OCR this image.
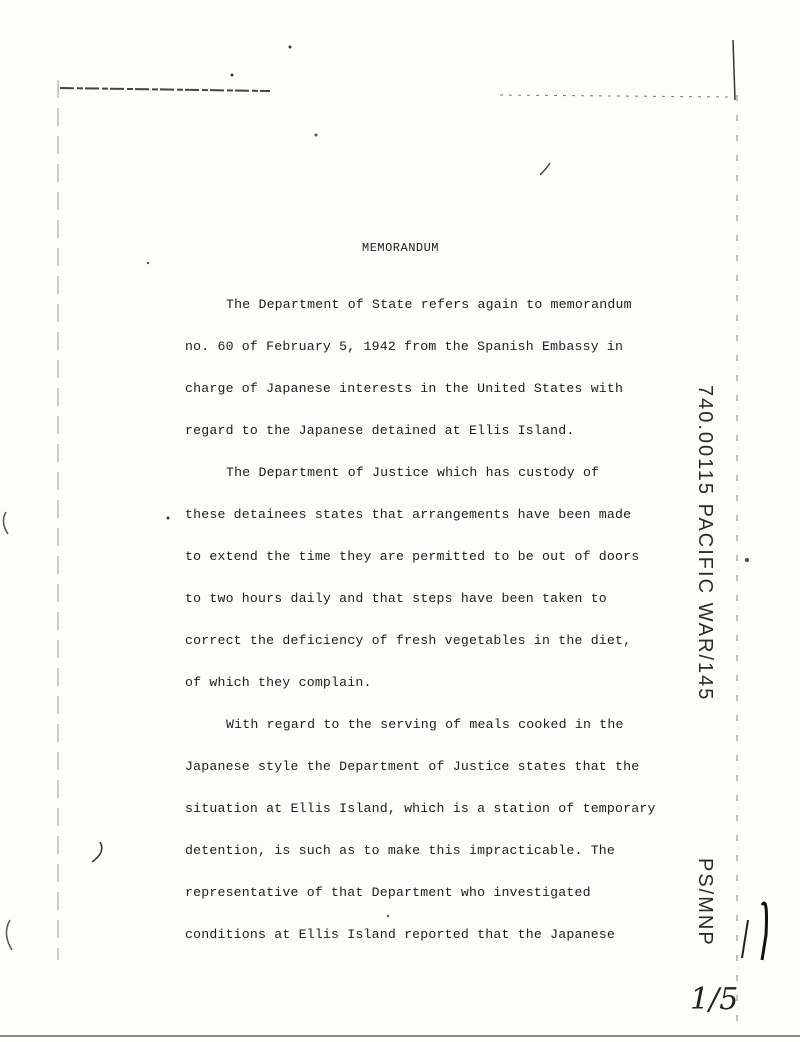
MEMORANDUM
The Department of State refers again to memorandum
no. 60 of February 5, 1942 from the Spanish Embassy in
charge of Japanese interests in the United States with
regard to the Japanese detained at Ellis Island.
The Department of Justice which has custody of
these detainees states that arrangements have been made
to extend the time they are permitted to be out of doors
to two hours daily and that steps have been taken to
correct the deficiency of fresh vegetables in the diet,
of which they complain.
With regard to the serving of meals cooked in the
Japanese style the Department of Justice states that the
situation at Ellis Island, which is a station of temporary
detention, is such as to make this impracticable. The
representative of that Department who investigated
conditions at Ellis Island reported that the Japanese
740.00115 PACIFIC WAR/145
PS/MNP
1/5
